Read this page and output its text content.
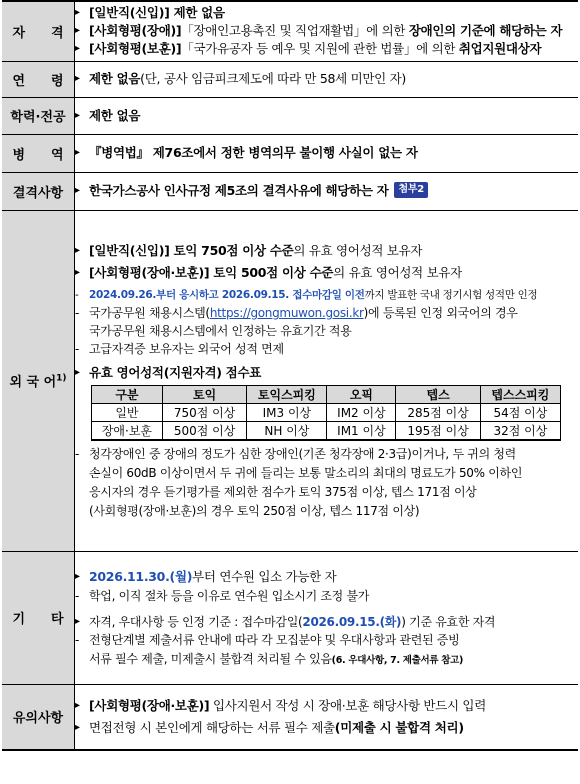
자　　격	
▸ [일반직(신입)] 제한 없음
▸ [사회형평(장애)]「장애인고용촉진 및 직업재활법」에 의한 장애인의 기준에 해당하는 자
▸ [사회형평(보훈)]「국가유공자 등 예우 및 지원에 관한 법률」에 의한 취업지원대상자

연　　령	▸ 제한 없음(단, 공사 임금피크제도에 따라 만 58세 미만인 자)

학력·전공	▸ 제한 없음

병　　역	▸ 『병역법』 제76조에서 정한 병역의무 불이행 사실이 없는 자

결격사항	▸ 한국가스공사 인사규정 제5조의 결격사유에 해당하는 자	첨부2

외 국 어$^{1)}$	
▸ [일반직(신입)] 토익 750점 이상 수준의 유효 영어성적 보유자
▸ [사회형평(장애·보훈)] 토익 500점 이상 수준의 유효 영어성적 보유자
-	2024.09.26.부터 응시하고 2026.09.15. 접수마감일 이전까지 발표한 국내 정기시험 성적만 인정
- 국가공무원 채용시스템(https://gongmuwon.gosi.kr)에 등록된 인정 외국어의 경우
국가공무원 채용시스템에서 인정하는 유효기간 적용
- 고급자격증 보유자는 외국어 성적 면제
▸ 유효 영어성적(지원자격) 점수표
구분	토익	토익스피킹	오픽	텝스	텝스스피킹
일반	750점 이상	IM3 이상	IM2 이상	285점 이상	54점 이상
장애·보훈	500점 이상	NH 이상	IM1 이상	195점 이상	32점 이상
- 청각장애인 중 장애의 정도가 심한 장애인(기존 청각장애 2·3급)이거나, 두 귀의 청력
손실이 60dB 이상이면서 두 귀에 들리는 보통 말소리의 최대의 명료도가 50% 이하인
응시자의 경우 듣기평가를 제외한 점수가 토익 375점 이상, 텝스 171점 이상
(사회형평(장애·보훈)의 경우 토익 250점 이상, 텝스 117점 이상)

기　　타	
▸ 2026.11.30.(월)부터 연수원 입소 가능한 자
- 학업, 이직 절차 등을 이유로 연수원 입소시기 조정 불가
▸ 자격, 우대사항 등 인정 기준 : 접수마감일(2026.09.15.(화)) 기준 유효한 자격
- 전형단계별 제출서류 안내에 따라 각 모집분야 및 우대사항과 관련된 증빙
서류 필수 제출, 미제출시 불합격 처리될 수 있음(6. 우대사항, 7. 제출서류 참고)

유의사항	
▸ [사회형평(장애·보훈)] 입사지원서 작성 시 장애·보훈 해당사항 반드시 입력
▸ 면접전형 시 본인에게 해당하는 서류 필수 제출(미제출 시 불합격 처리)
